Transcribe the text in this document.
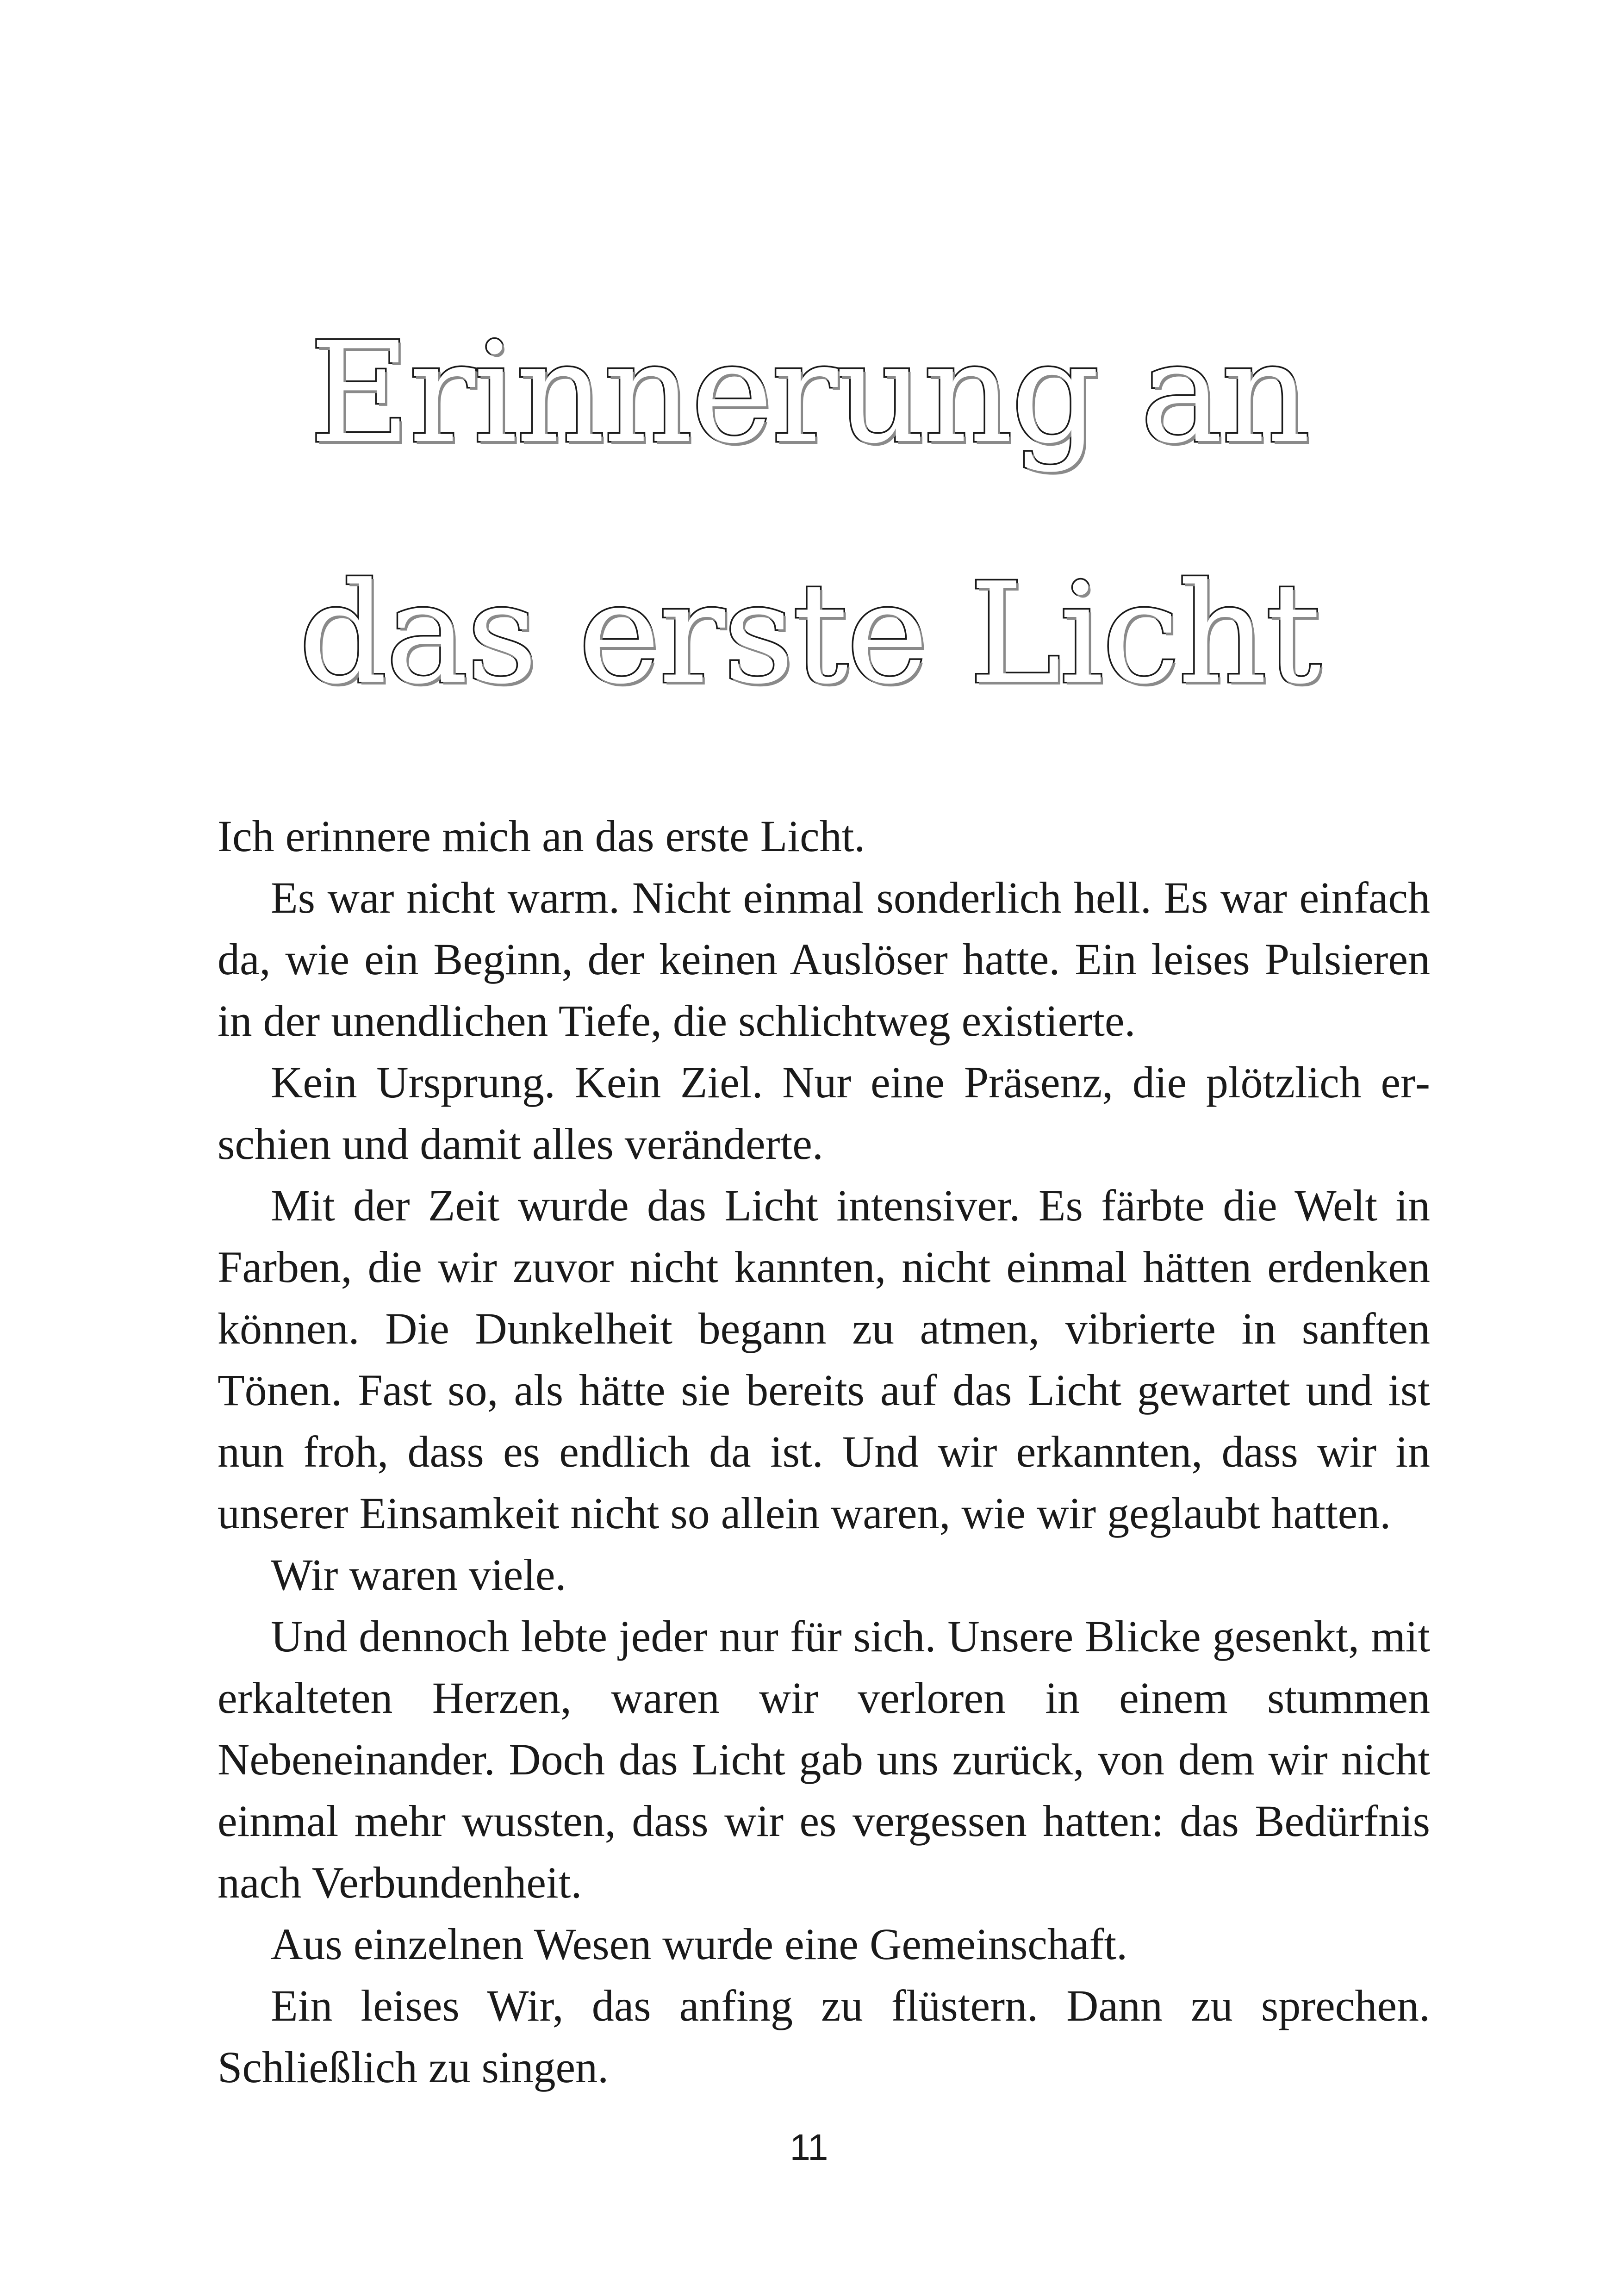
Erinnerung an
das erste Licht

Ich erinnere mich an das erste Licht.

Es war nicht warm. Nicht einmal sonderlich hell. Es war einfach da, wie ein Beginn, der keinen Auslöser hatte. Ein leises Pulsieren in der unendlichen Tiefe, die schlichtweg existierte.

Kein Ursprung. Kein Ziel. Nur eine Präsenz, die plötzlich erschien und damit alles veränderte.

Mit der Zeit wurde das Licht intensiver. Es färbte die Welt in Farben, die wir zuvor nicht kannten, nicht einmal hätten erdenken können. Die Dunkelheit begann zu atmen, vibrierte in sanften Tönen. Fast so, als hätte sie bereits auf das Licht gewartet und ist nun froh, dass es endlich da ist. Und wir erkannten, dass wir in unserer Einsamkeit nicht so allein waren, wie wir geglaubt hatten.

Wir waren viele.

Und dennoch lebte jeder nur für sich. Unsere Blicke gesenkt, mit erkalteten Herzen, waren wir verloren in einem stummen Nebeneinander. Doch das Licht gab uns zurück, von dem wir nicht einmal mehr wussten, dass wir es vergessen hatten: das Bedürfnis nach Verbundenheit.

Aus einzelnen Wesen wurde eine Gemeinschaft.

Ein leises Wir, das anfing zu flüstern. Dann zu sprechen. Schließlich zu singen.

11
